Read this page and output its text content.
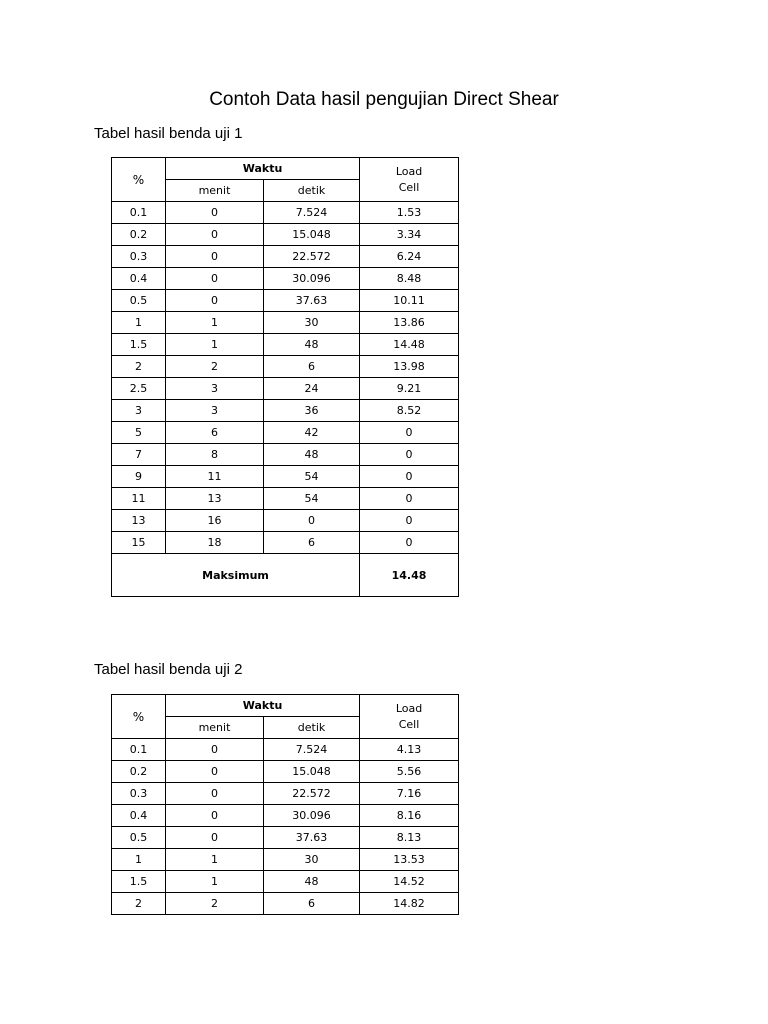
Contoh Data hasil pengujian Direct Shear
Tabel hasil benda uji 1
%	Waktu		Load
Cell
	menit	detik	
0.1	0	7.524	1.53
0.2	0	15.048	3.34
0.3	0	22.572	6.24
0.4	0	30.096	8.48
0.5	0	37.63	10.11
1	1	30	13.86
1.5	1	48	14.48
2	2	6	13.98
2.5	3	24	9.21
3	3	36	8.52
5	6	42	0
7	8	48	0
9	11	54	0
11	13	54	0
13	16	0	0
15	18	6	0
Maksimum			14.48
Tabel hasil benda uji 2
%	Waktu		Load
Cell
	menit	detik	
0.1	0	7.524	4.13
0.2	0	15.048	5.56
0.3	0	22.572	7.16
0.4	0	30.096	8.16
0.5	0	37.63	8.13
1	1	30	13.53
1.5	1	48	14.52
2	2	6	14.82
